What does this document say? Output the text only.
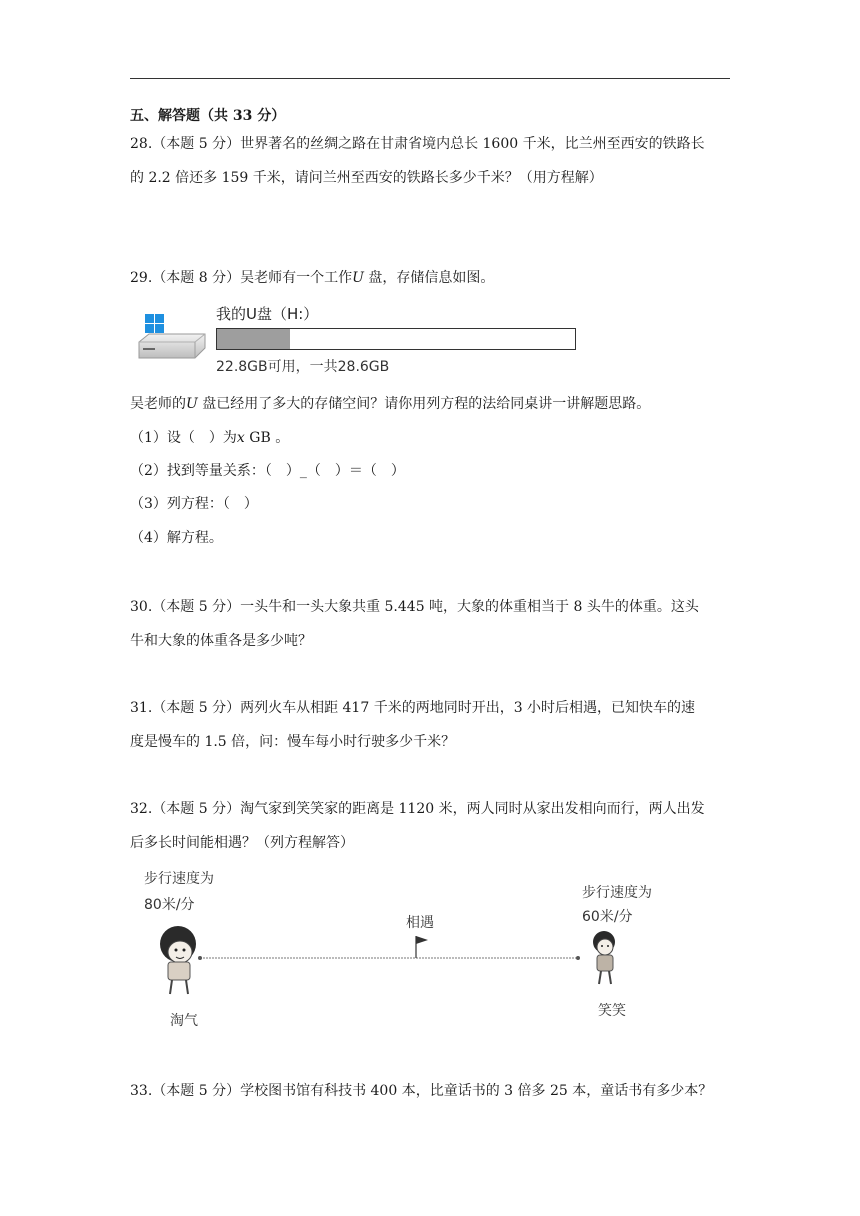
五、解答题（共 33 分）
28.（本题 5 分）世界著名的丝绸之路在甘肃省境内总长 1600 千米，比兰州至西安的铁路长
的 2.2 倍还多 159 千米，请问兰州至西安的铁路长多少千米？（用方程解）
29.（本题 8 分）吴老师有一个工作U 盘，存储信息如图。
我的U盘（H:）
22.8GB可用，一共28.6GB
吴老师的U 盘已经用了多大的存储空间？请你用列方程的法给同桌讲一讲解题思路。
（1）设（　）为x GB 。
（2）找到等量关系：（　）_（　）＝（　）
（3）列方程：（　）
（4）解方程。
30.（本题 5 分）一头牛和一头大象共重 5.445 吨，大象的体重相当于 8 头牛的体重。这头
牛和大象的体重各是多少吨？
31.（本题 5 分）两列火车从相距 417 千米的两地同时开出，3 小时后相遇，已知快车的速
度是慢车的 1.5 倍，问：慢车每小时行驶多少千米？
32.（本题 5 分）淘气家到笑笑家的距离是 1120 米，两人同时从家出发相向而行，两人出发
后多长时间能相遇？（列方程解答）
步行速度为
80米/分
步行速度为
60米/分
相遇
淘气
笑笑
33.（本题 5 分）学校图书馆有科技书 400 本，比童话书的 3 倍多 25 本，童话书有多少本？
